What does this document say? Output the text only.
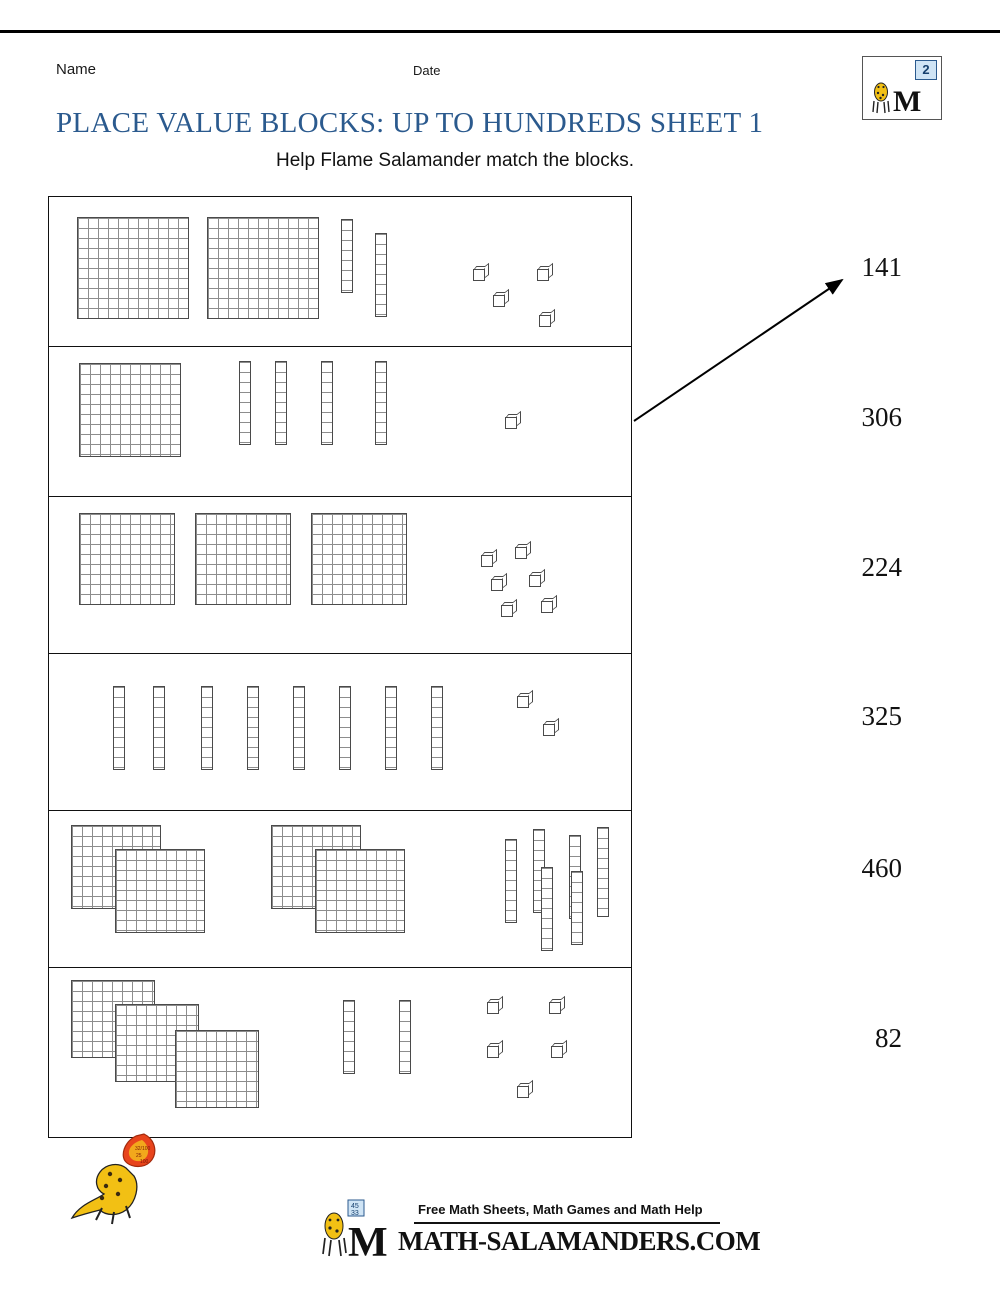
Name	Date
PLACE VALUE BLOCKS: UP TO HUNDREDS SHEET 1
Help Flame Salamander match the blocks.
2
M
141
306
224
325
460
82
32/100
25
100
45
33
M
Free Math Sheets, Math Games and Math Help
MATH-SALAMANDERS.COM
